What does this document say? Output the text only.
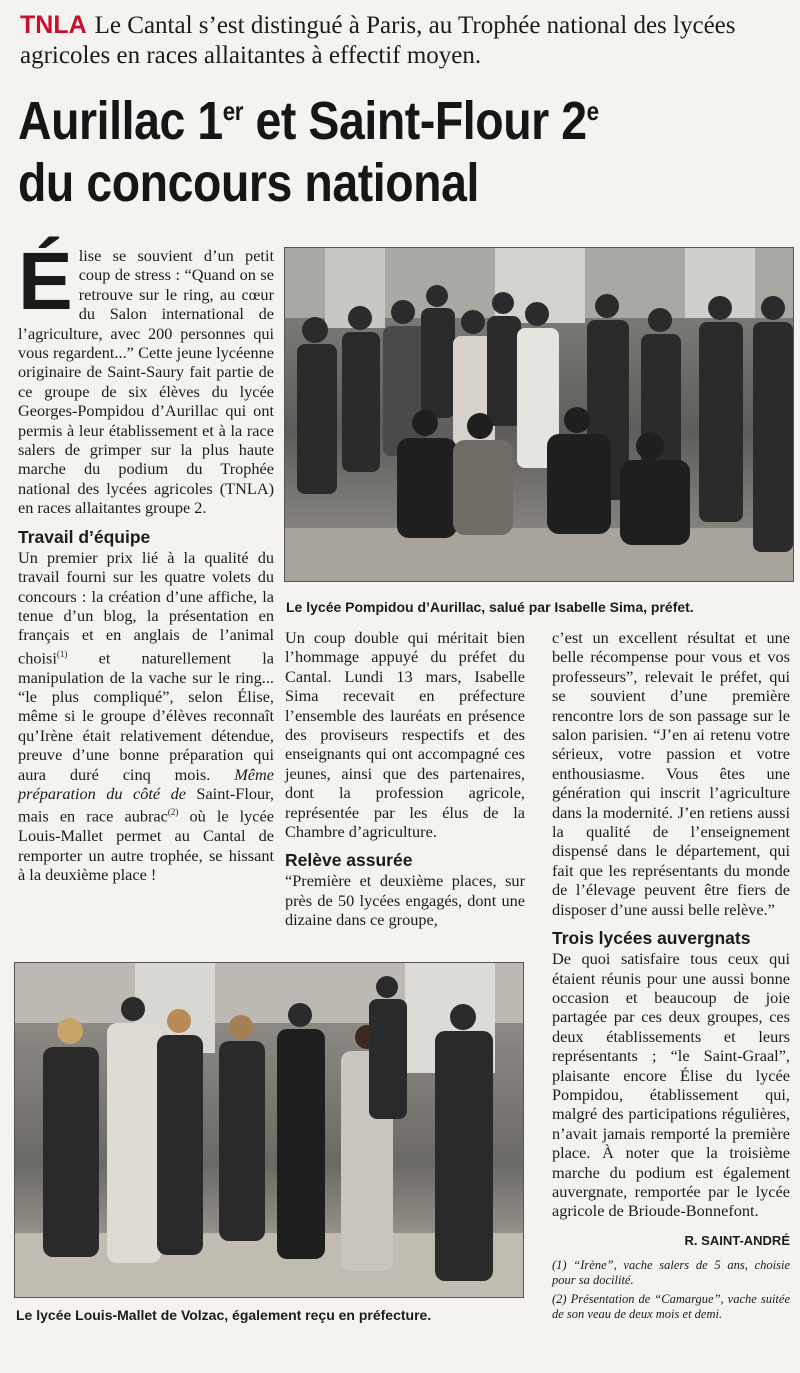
TNLA Le Cantal s’est distingué à Paris, au Trophée national des lycées agricoles en races allaitantes à effectif moyen.
Aurillac 1er et Saint-Flour 2e
du concours national
É lise se souvient d’un petit coup de stress : “Quand on se retrouve sur le ring, au cœur du Salon international de l’agriculture, avec 200 personnes qui vous regardent...” Cette jeune lycéenne originaire de Saint-Saury fait partie de ce groupe de six élèves du lycée Georges-Pompidou d’Aurillac qui ont permis à leur établissement et à la race salers de grimper sur la plus haute marche du podium du Trophée national des lycées agricoles (TNLA) en races allaitantes groupe 2.

Travail d’équipe

Un premier prix lié à la qualité du travail fourni sur les quatre volets du concours : la création d’une affiche, la tenue d’un blog, la présentation en français et en anglais de l’animal choisi$^{(1)}$ et naturellement la manipulation de la vache sur le ring... “le plus compliqué”, selon Élise, même si le groupe d’élèves reconnaît qu’Irène était relativement détendue, preuve d’une bonne préparation qui aura duré cinq mois. Même préparation du côté de Saint-Flour, mais en race aubrac$^{(2)}$ où le lycée Louis-Mallet permet au Cantal de remporter un autre trophée, se hissant à la deuxième place !

Le lycée Pompidou d’Aurillac, salué par Isabelle Sima, préfet.

Un coup double qui méritait bien l’hommage appuyé du préfet du Cantal. Lundi 13 mars, Isabelle Sima recevait en préfecture l’ensemble des lauréats en présence des proviseurs respectifs et des enseignants qui ont accompagné ces jeunes, ainsi que des partenaires, dont la profession agricole, représentée par les élus de la Chambre d’agriculture.

Relève assurée

“Première et deuxième places, sur près de 50 lycées engagés, dont une dizaine dans ce groupe,

c’est un excellent résultat et une belle récompense pour vous et vos professeurs”, relevait le préfet, qui se souvient d’une première rencontre lors de son passage sur le salon parisien. “J’en ai retenu votre sérieux, votre passion et votre enthousiasme. Vous êtes une génération qui inscrit l’agriculture dans la modernité. J’en retiens aussi la qualité de l’enseignement dispensé dans le département, qui fait que les représentants du monde de l’élevage peuvent être fiers de disposer d’une aussi belle relève.”

Trois lycées auvergnats

De quoi satisfaire tous ceux qui étaient réunis pour une aussi bonne occasion et beaucoup de joie partagée par ces deux groupes, ces deux établissements et leurs représentants ; “le Saint-Graal”, plaisante encore Élise du lycée Pompidou, établissement qui, malgré des participations régulières, n’avait jamais remporté la première place. À noter que la troisième marche du podium est également auvergnate, remportée par le lycée agricole de Brioude-Bonnefont.

R. SAINT-ANDRÉ

(1) “Irène”, vache salers de 5 ans, choisie pour sa docilité.

(2) Présentation de “Camargue”, vache suitée de son veau de deux mois et demi.

Le lycée Louis-Mallet de Volzac, également reçu en préfecture.
